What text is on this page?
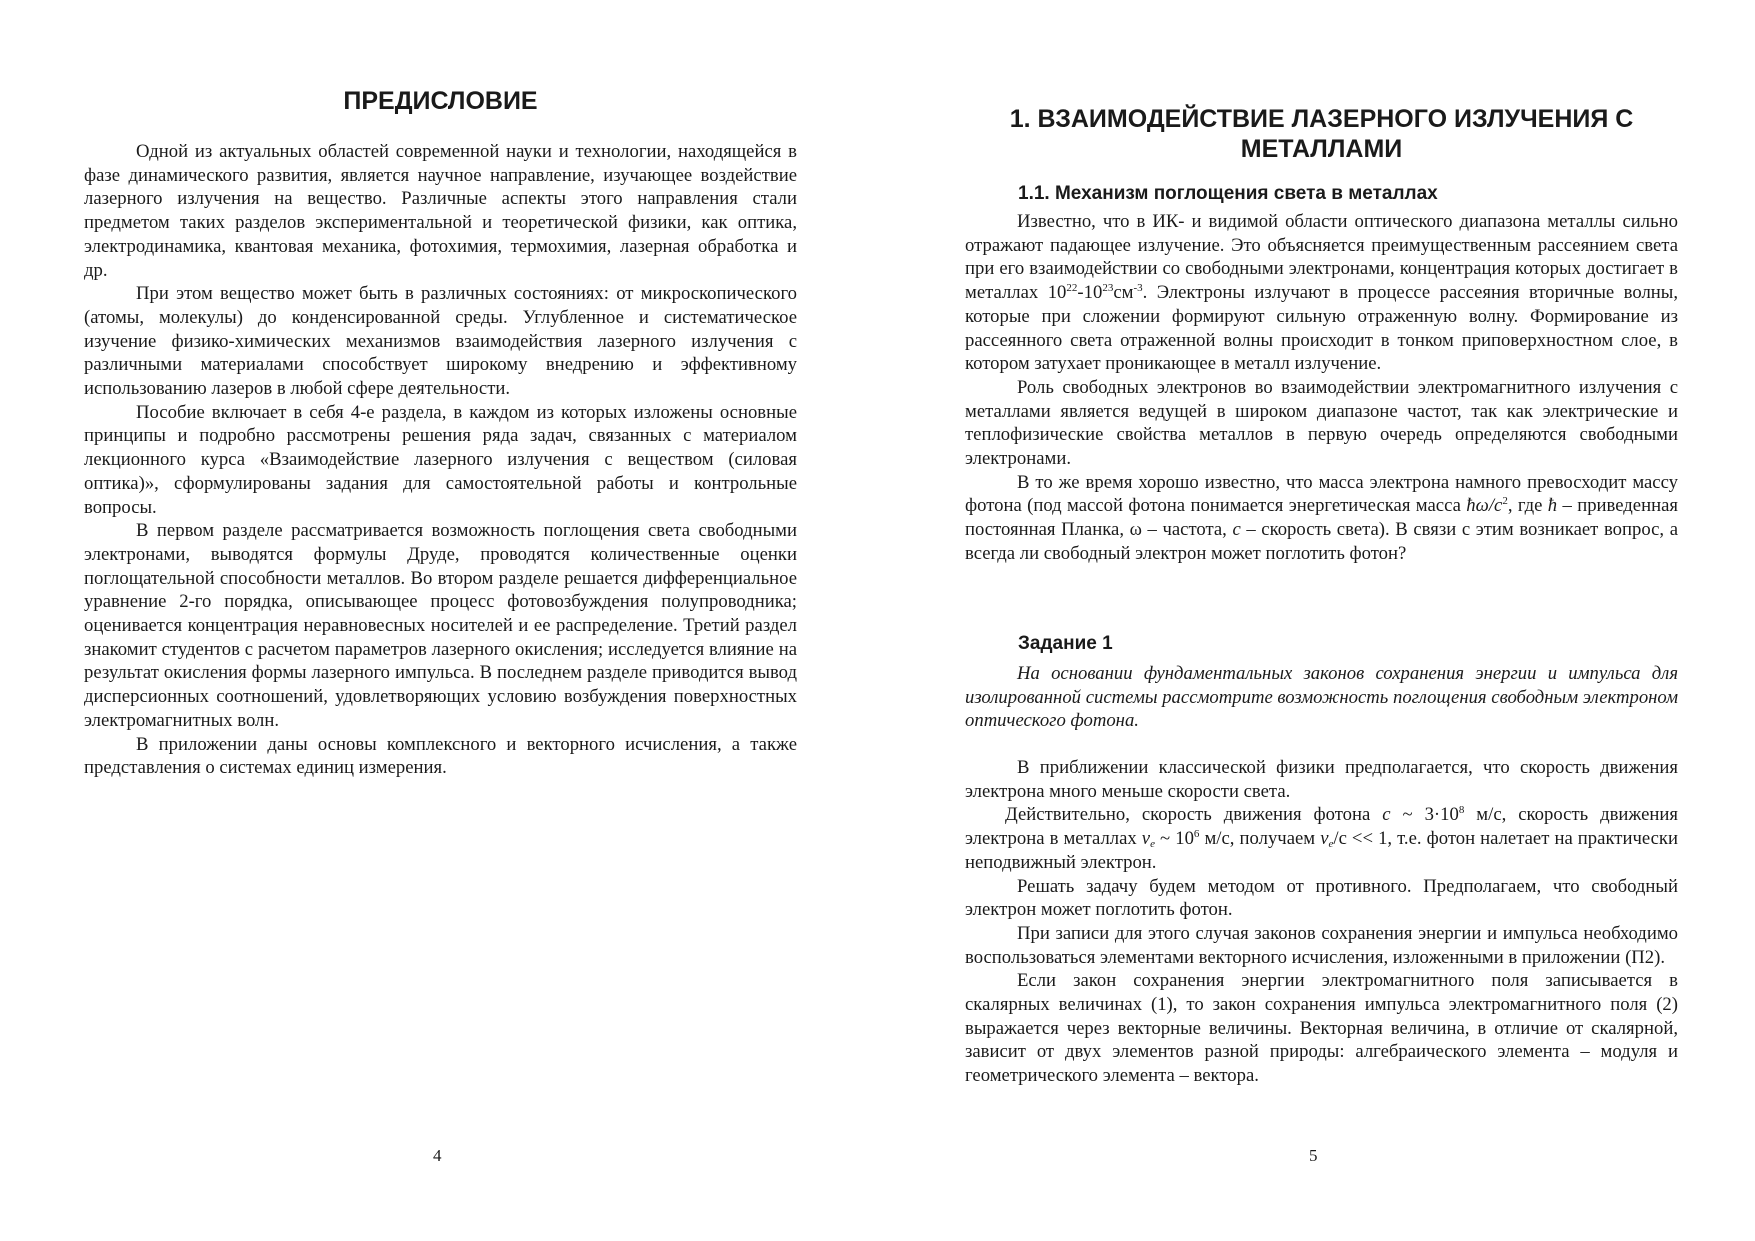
ПРЕДИСЛОВИЕ

Одной из актуальных областей современной науки и технологии, находящейся в фазе динамического развития, является научное направление, изучающее воздействие лазерного излучения на вещество. Различные аспекты этого направления стали предметом таких разделов экспериментальной и теоретической физики, как оптика, электродинамика, квантовая механика, фотохимия, термохимия, лазерная обработка и др.

При этом вещество может быть в различных состояниях: от микроскопического (атомы, молекулы) до конденсированной среды. Углубленное и систематическое изучение физико-химических механизмов взаимодействия лазерного излучения с различными материалами способствует широкому внедрению и эффективному использованию лазеров в любой сфере деятельности.

Пособие включает в себя 4-е раздела, в каждом из которых изложены основные принципы и подробно рассмотрены решения ряда задач, связанных с материалом лекционного курса «Взаимодействие лазерного излучения с веществом (силовая оптика)», сформулированы задания для самостоятельной работы и контрольные вопросы.

В первом разделе рассматривается возможность поглощения света свободными электронами, выводятся формулы Друде, проводятся количественные оценки поглощательной способности металлов. Во втором разделе решается дифференциальное уравнение 2-го порядка, описывающее процесс фотовозбуждения полупроводника; оценивается концентрация неравновесных носителей и ее распределение. Третий раздел знакомит студентов с расчетом параметров лазерного окисления; исследуется влияние на результат окисления формы лазерного импульса. В последнем разделе приводится вывод дисперсионных соотношений, удовлетворяющих условию возбуждения поверхностных электромагнитных волн.

В приложении даны основы комплексного и векторного исчисления, а также представления о системах единиц измерения.

4
1. ВЗАИМОДЕЙСТВИЕ ЛАЗЕРНОГО ИЗЛУЧЕНИЯ С МЕТАЛЛАМИ
1.1. Механизм поглощения света в металлах

Известно, что в ИК- и видимой области оптического диапазона металлы сильно отражают падающее излучение. Это объясняется преимущественным рассеянием света при его взаимодействии со свободными электронами, концентрация которых достигает в металлах $10^{22}-10^{23}см^{-3}$. Электроны излучают в процессе рассеяния вторичные волны, которые при сложении формируют сильную отраженную волну. Формирование из рассеянного света отраженной волны происходит в тонком приповерхностном слое, в котором затухает проникающее в металл излучение.

Роль свободных электронов во взаимодействии электромагнитного излучения с металлами является ведущей в широком диапазоне частот, так как электрические и теплофизические свойства металлов в первую очередь определяются свободными электронами.

В то же время хорошо известно, что масса электрона намного превосходит массу фотона (под массой фотона понимается энергетическая масса $ħ\omega/c^2$, где ħ – приведенная постоянная Планка, ω – частота, c – скорость света). В связи с этим возникает вопрос, а всегда ли свободный электрон может поглотить фотон?

Задание 1

На основании фундаментальных законов сохранения энергии и импульса для изолированной системы рассмотрите возможность поглощения свободным электроном оптического фотона.

В приближении классической физики предполагается, что скорость движения электрона много меньше скорости света.

Действительно, скорость движения фотона c ~ $3\cdot 10^8$ м/с, скорость движения электрона в металлах $v_e$ ~ $10^6$ м/с, получаем $v_e/с << 1$, т.е. фотон налетает на практически неподвижный электрон.

Решать задачу будем методом от противного. Предполагаем, что свободный электрон может поглотить фотон.

При записи для этого случая законов сохранения энергии и импульса необходимо воспользоваться элементами векторного исчисления, изложенными в приложении (П2).

Если закон сохранения энергии электромагнитного поля записывается в скалярных величинах (1), то закон сохранения импульса электромагнитного поля (2) выражается через векторные величины. Векторная величина, в отличие от скалярной, зависит от двух элементов разной природы: алгебраического элемента – модуля и геометрического элемента – вектора.

5
